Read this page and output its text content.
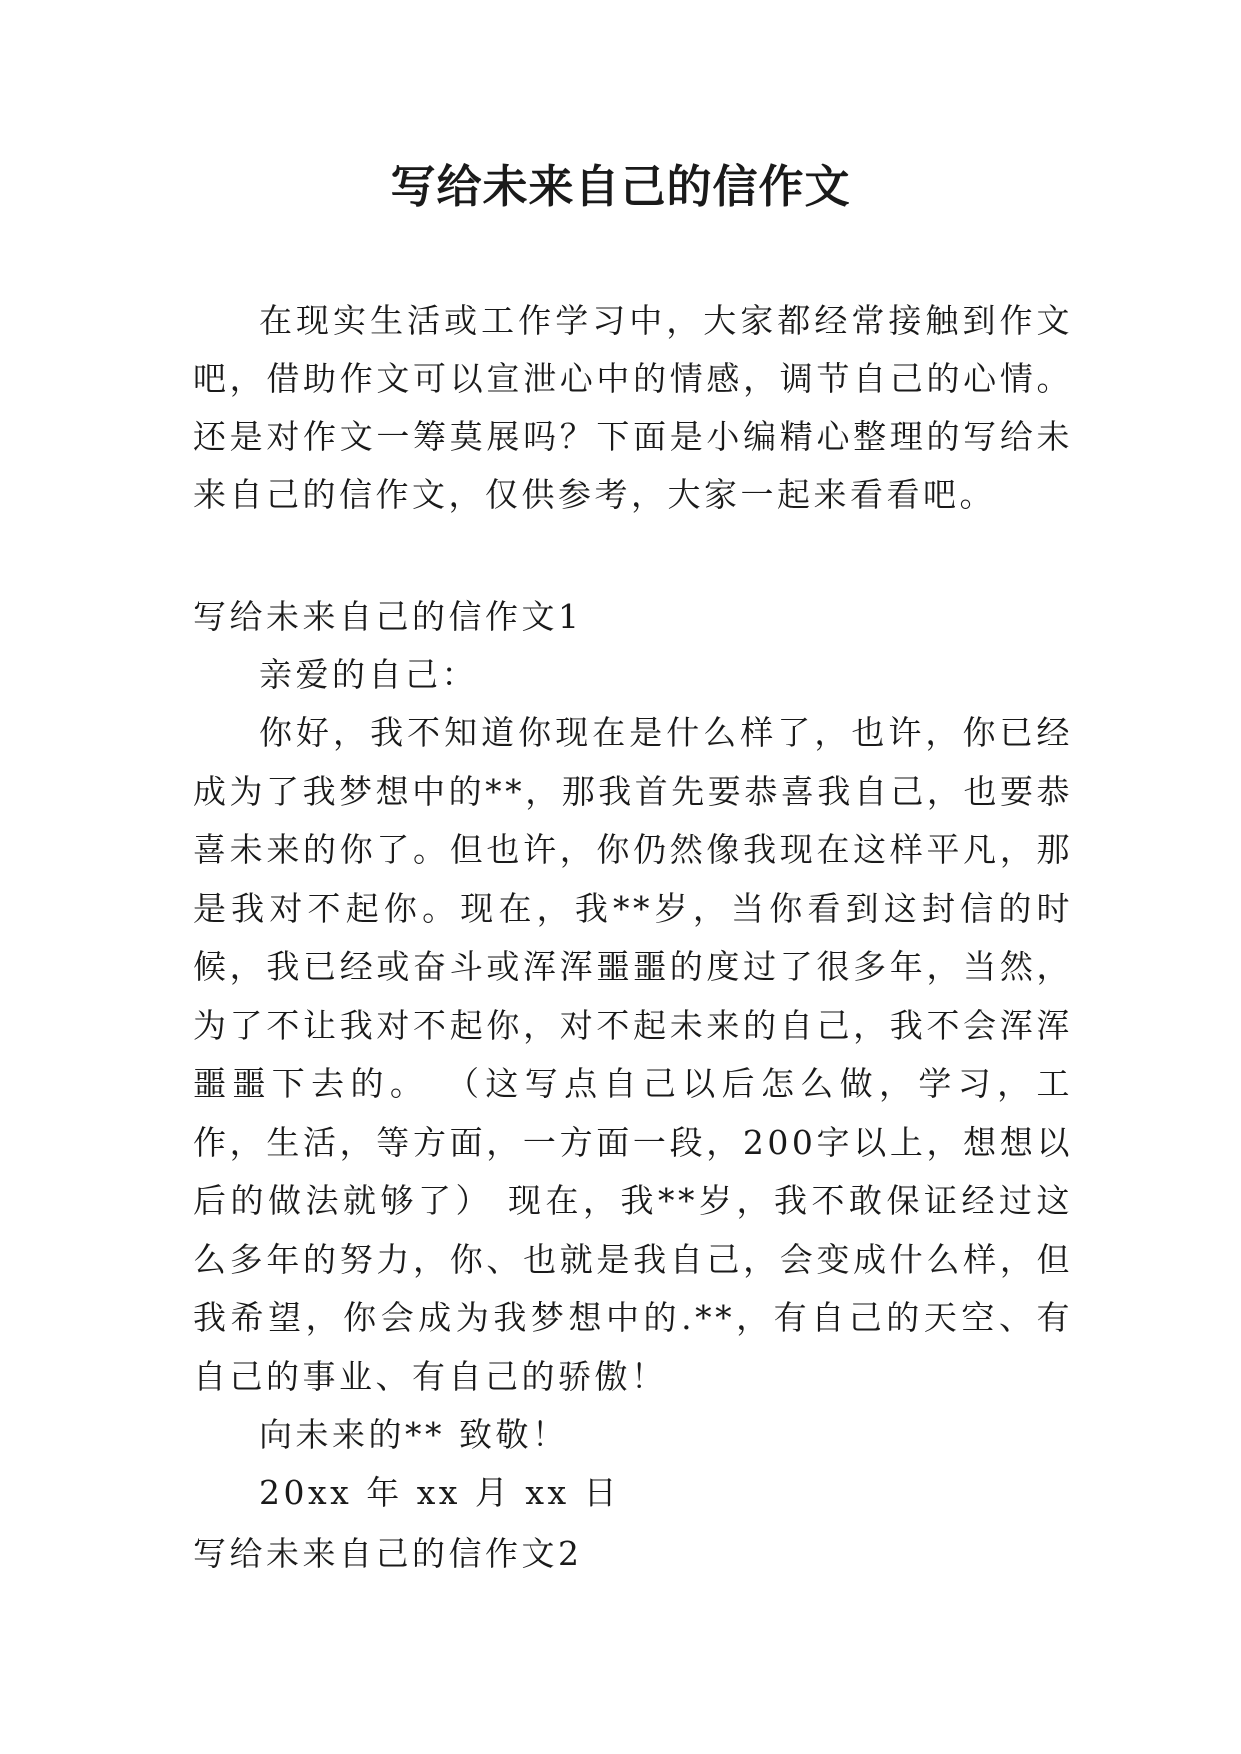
写给未来自己的信作文

在现实生活或工作学习中，大家都经常接触到作文吧，借助作文可以宣泄心中的情感，调节自己的心情。还是对作文一筹莫展吗？下面是小编精心整理的写给未来自己的信作文，仅供参考，大家一起来看看吧。

写给未来自己的信作文1

亲爱的自己：

你好，我不知道你现在是什么样了，也许，你已经成为了我梦想中的**，那我首先要恭喜我自己，也要恭喜未来的你了。但也许，你仍然像我现在这样平凡，那是我对不起你。现在，我**岁，当你看到这封信的时候，我已经或奋斗或浑浑噩噩的度过了很多年，当然，为了不让我对不起你，对不起未来的自己，我不会浑浑噩噩下去的。 （这写点自己以后怎么做，学习，工作，生活，等方面，一方面一段，200字以上，想想以后的做法就够了） 现在，我**岁，我不敢保证经过这么多年的努力，你、也就是我自己，会变成什么样，但我希望，你会成为我梦想中的.**，有自己的天空、有自己的事业、有自己的骄傲！

向未来的** 致敬！

20xx 年 xx 月 xx 日

写给未来自己的信作文2
